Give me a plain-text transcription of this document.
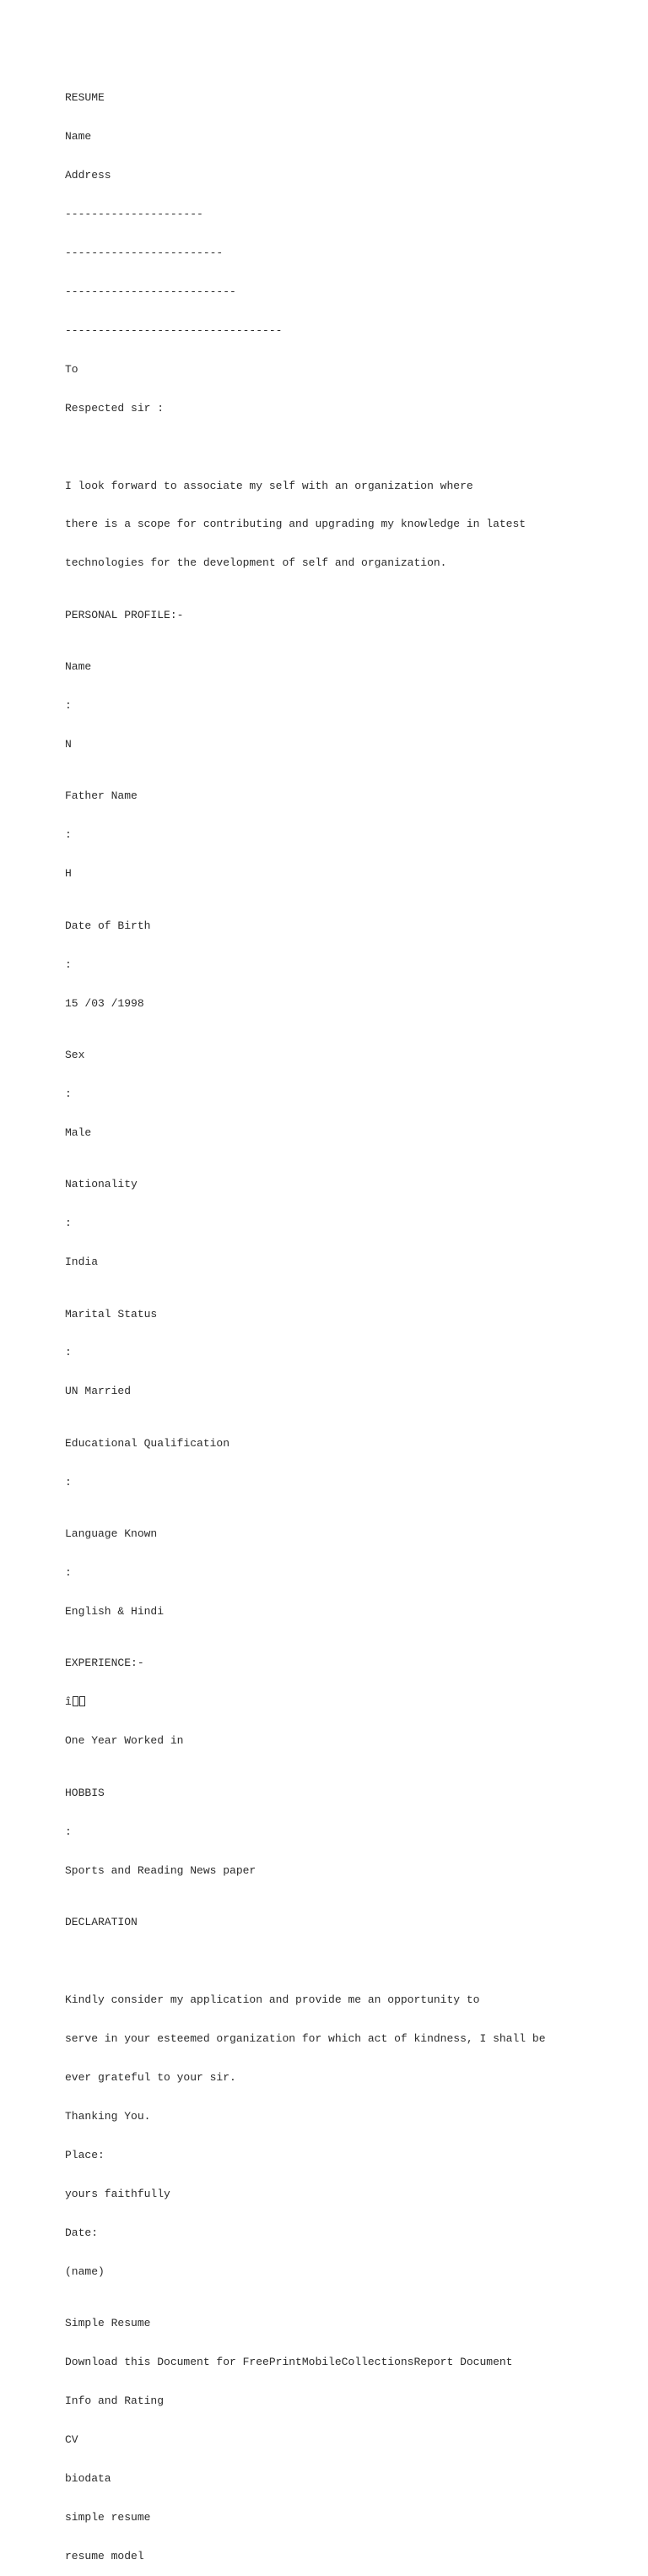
RESUME

Name

Address

---------------------

------------------------

--------------------------

---------------------------------

To

Respected sir :

I look forward to associate my self with an organization where

there is a scope for contributing and upgrading my knowledge in latest

technologies for the development of self and organization.

PERSONAL PROFILE:-

Name

:

N

Father Name

:

H

Date of Birth

:

15 /03 /1998

Sex

:

Male

Nationality

:

India

Marital Status

:

UN Married

Educational Qualification

:

Language Known

:

English & Hindi

EXPERIENCE:-

î

One Year Worked in

HOBBIS

:

Sports and Reading News paper

DECLARATION

Kindly consider my application and provide me an opportunity to

serve in your esteemed organization for which act of kindness, I shall be

ever grateful to your sir.

Thanking You.

Place:

yours faithfully

Date:

(name)

Simple Resume

Download this Document for FreePrintMobileCollectionsReport Document

Info and Rating

CV

biodata

simple resume

resume model
